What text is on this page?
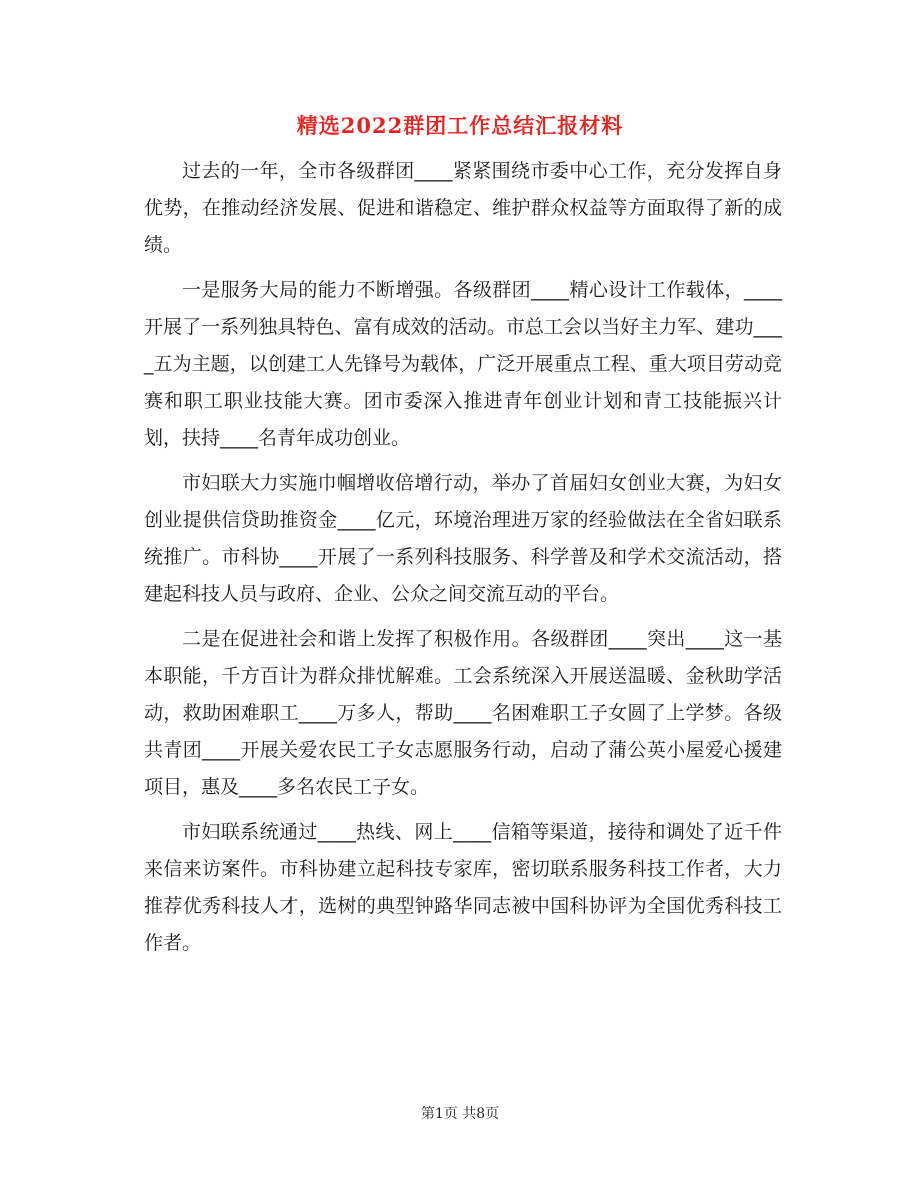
精选2022群团工作总结汇报材料

过去的一年，全市各级群团____紧紧围绕市委中心工作，充分发挥自身优势，在推动经济发展、促进和谐稳定、维护群众权益等方面取得了新的成绩。

一是服务大局的能力不断增强。各级群团____精心设计工作载体，____开展了一系列独具特色、富有成效的活动。市总工会以当好主力军、建功____五为主题，以创建工人先锋号为载体，广泛开展重点工程、重大项目劳动竞赛和职工职业技能大赛。团市委深入推进青年创业计划和青工技能振兴计划，扶持____名青年成功创业。

市妇联大力实施巾帼增收倍增行动，举办了首届妇女创业大赛，为妇女创业提供信贷助推资金____亿元，环境治理进万家的经验做法在全省妇联系统推广。市科协____开展了一系列科技服务、科学普及和学术交流活动，搭建起科技人员与政府、企业、公众之间交流互动的平台。

二是在促进社会和谐上发挥了积极作用。各级群团____突出____这一基本职能，千方百计为群众排忧解难。工会系统深入开展送温暖、金秋助学活动，救助困难职工____万多人，帮助____名困难职工子女圆了上学梦。各级共青团____开展关爱农民工子女志愿服务行动，启动了蒲公英小屋爱心援建项目，惠及____多名农民工子女。

市妇联系统通过____热线、网上____信箱等渠道，接待和调处了近千件来信来访案件。市科协建立起科技专家库，密切联系服务科技工作者，大力推荐优秀科技人才，选树的典型钟路华同志被中国科协评为全国优秀科技工作者。

第1页 共8页
